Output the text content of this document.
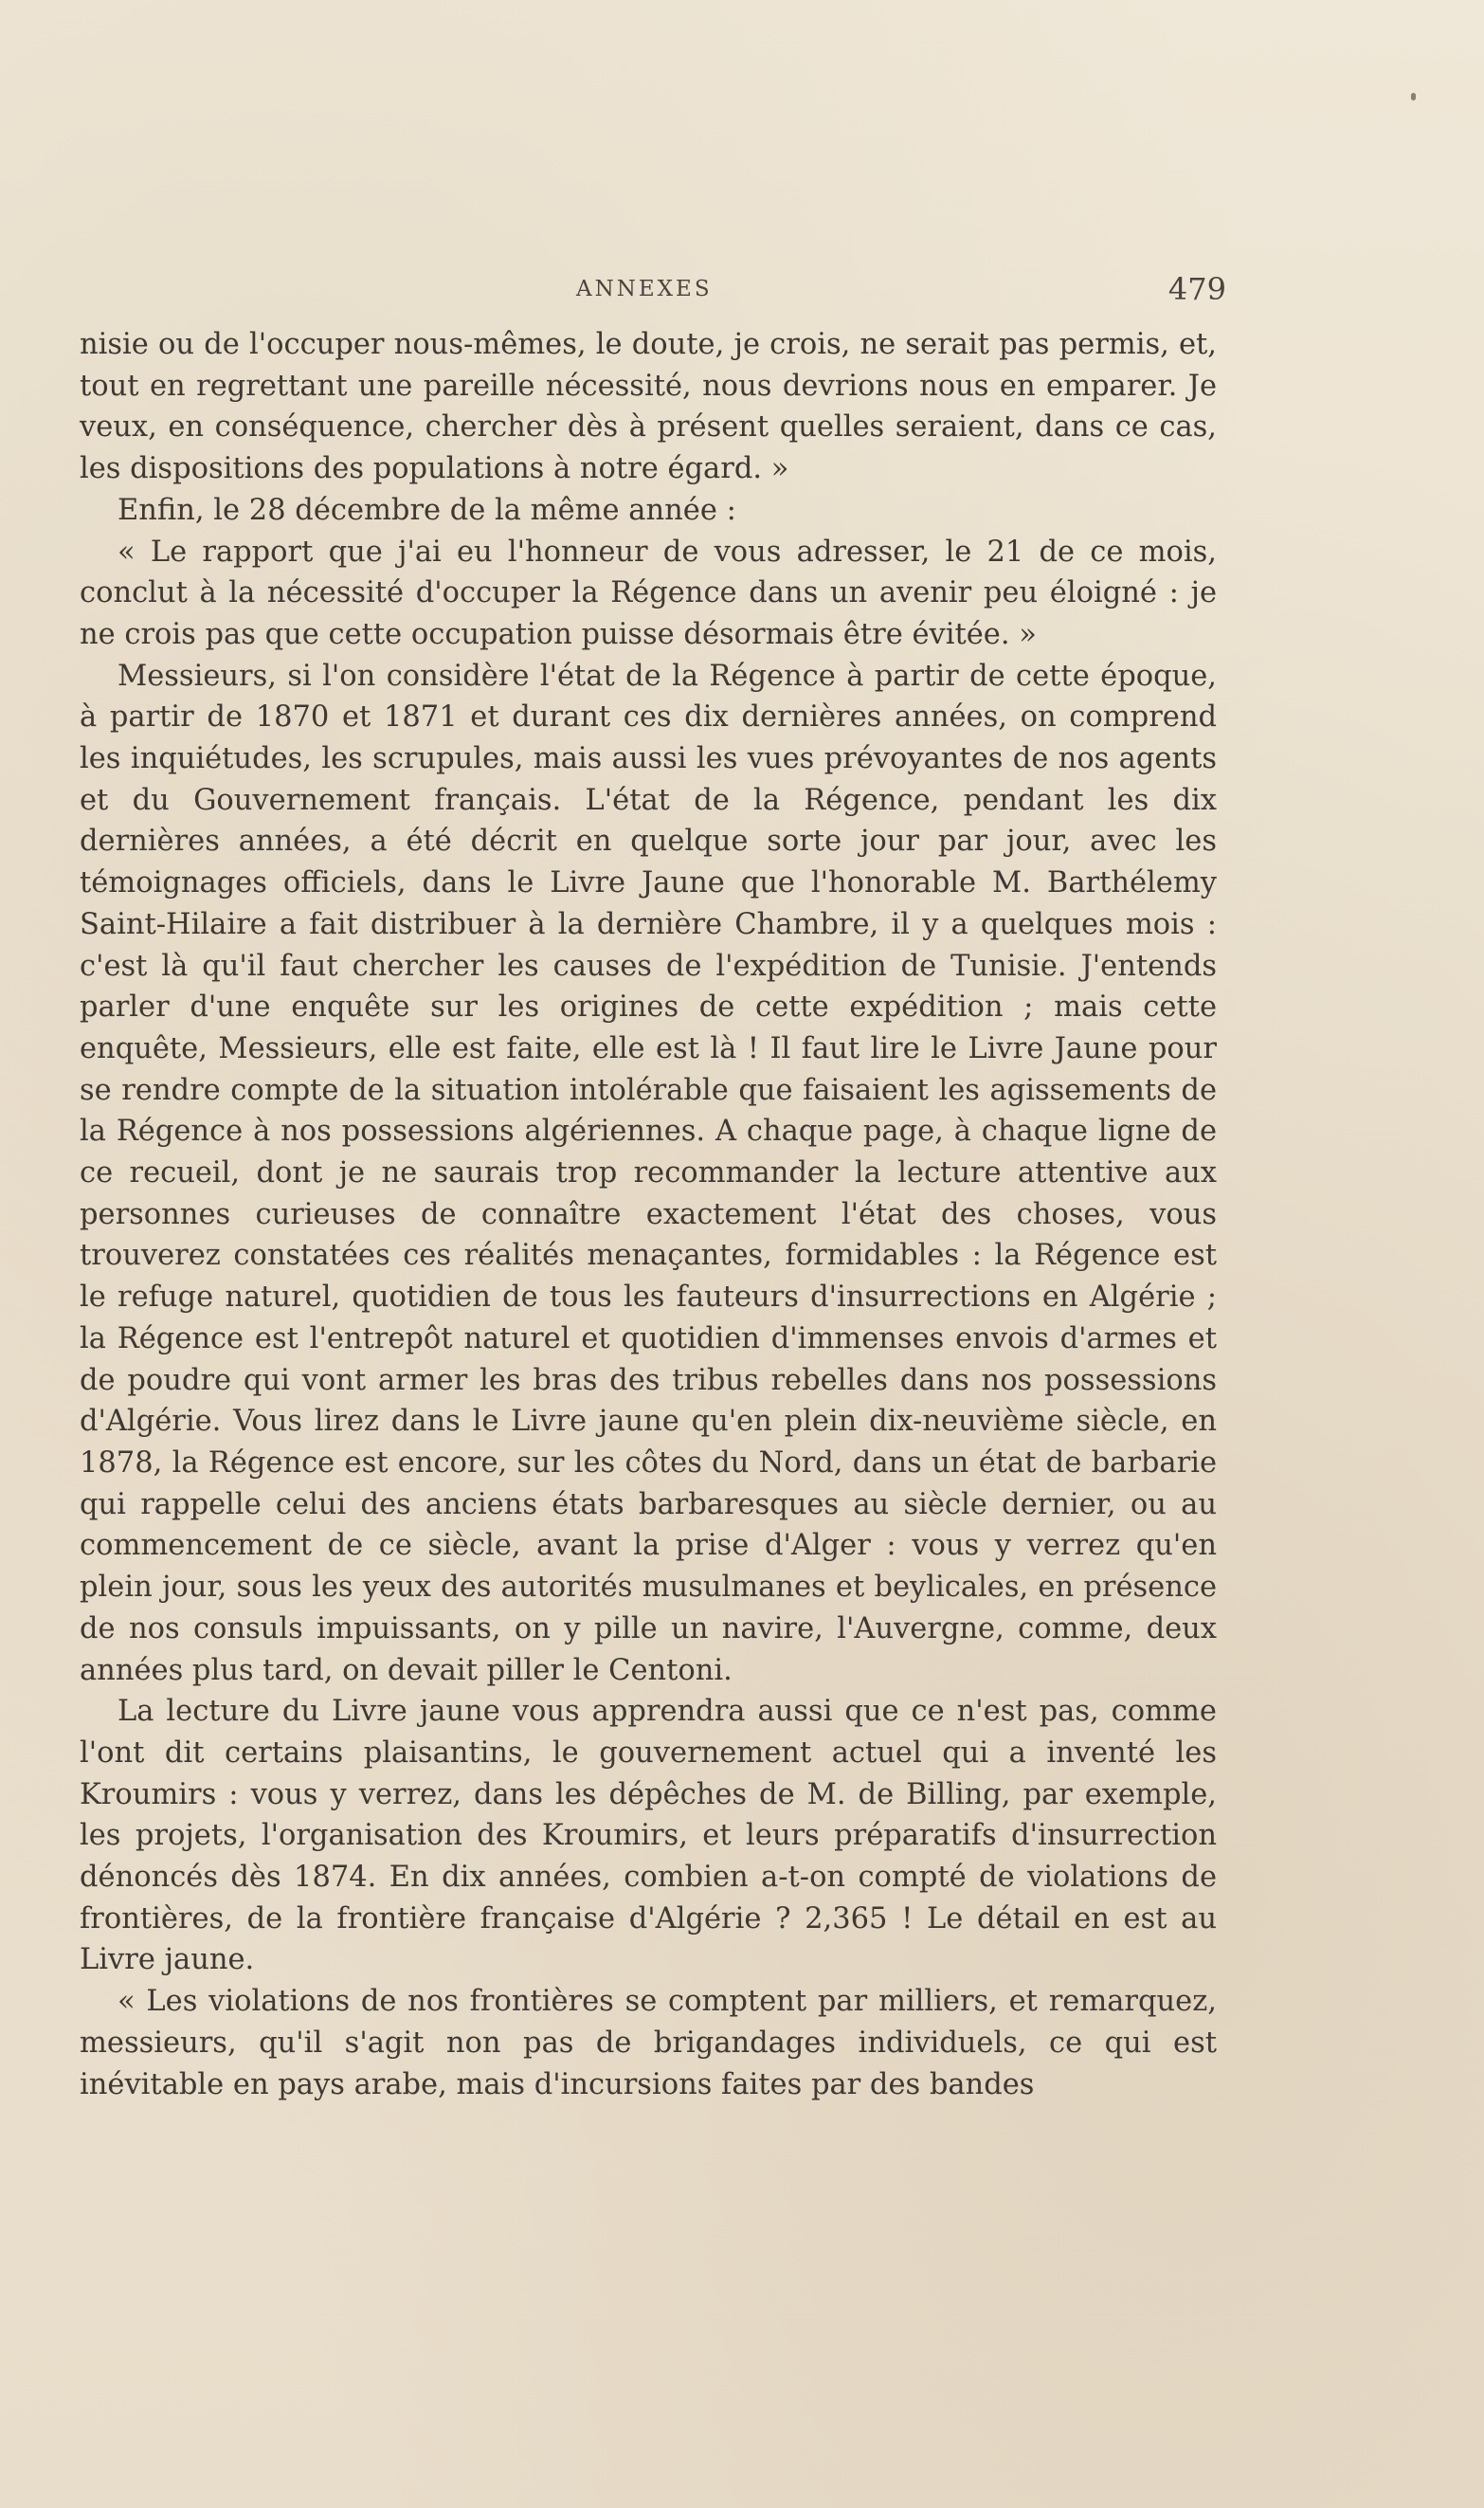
ANNEXES	479

nisie ou de l'occuper nous-mêmes, le doute, je crois, ne serait pas permis, et, tout en regrettant une pareille nécessité, nous devrions nous en emparer. Je veux, en conséquence, chercher dès à présent quelles seraient, dans ce cas, les dispositions des populations à notre égard. »

Enfin, le 28 décembre de la même année :

« Le rapport que j'ai eu l'honneur de vous adresser, le 21 de ce mois, conclut à la nécessité d'occuper la Régence dans un avenir peu éloigné : je ne crois pas que cette occupation puisse désormais être évitée. »

Messieurs, si l'on considère l'état de la Régence à partir de cette époque, à partir de 1870 et 1871 et durant ces dix dernières années, on comprend les inquiétudes, les scrupules, mais aussi les vues prévoyantes de nos agents et du Gouvernement français. L'état de la Régence, pendant les dix dernières années, a été décrit en quelque sorte jour par jour, avec les témoignages officiels, dans le Livre Jaune que l'honorable M. Barthélemy Saint-Hilaire a fait distribuer à la dernière Chambre, il y a quelques mois : c'est là qu'il faut chercher les causes de l'expédition de Tunisie. J'entends parler d'une enquête sur les origines de cette expédition ; mais cette enquête, Messieurs, elle est faite, elle est là ! Il faut lire le Livre Jaune pour se rendre compte de la situation intolérable que faisaient les agissements de la Régence à nos possessions algériennes. A chaque page, à chaque ligne de ce recueil, dont je ne saurais trop recommander la lecture attentive aux personnes curieuses de connaître exactement l'état des choses, vous trouverez constatées ces réalités menaçantes, formidables : la Régence est le refuge naturel, quotidien de tous les fauteurs d'insurrections en Algérie ; la Régence est l'entrepôt naturel et quotidien d'immenses envois d'armes et de poudre qui vont armer les bras des tribus rebelles dans nos possessions d'Algérie. Vous lirez dans le Livre jaune qu'en plein dix-neuvième siècle, en 1878, la Régence est encore, sur les côtes du Nord, dans un état de barbarie qui rappelle celui des anciens états barbaresques au siècle dernier, ou au commencement de ce siècle, avant la prise d'Alger : vous y verrez qu'en plein jour, sous les yeux des autorités musulmanes et beylicales, en présence de nos consuls impuissants, on y pille un navire, l'Auvergne, comme, deux années plus tard, on devait piller le Centoni.

La lecture du Livre jaune vous apprendra aussi que ce n'est pas, comme l'ont dit certains plaisantins, le gouvernement actuel qui a inventé les Kroumirs : vous y verrez, dans les dépêches de M. de Billing, par exemple, les projets, l'organisation des Kroumirs, et leurs préparatifs d'insurrection dénoncés dès 1874. En dix années, combien a-t-on compté de violations de frontières, de la frontière française d'Algérie ? 2,365 ! Le détail en est au Livre jaune.

« Les violations de nos frontières se comptent par milliers, et remarquez, messieurs, qu'il s'agit non pas de brigandages individuels, ce qui est inévitable en pays arabe, mais d'incursions faites par des bandes
